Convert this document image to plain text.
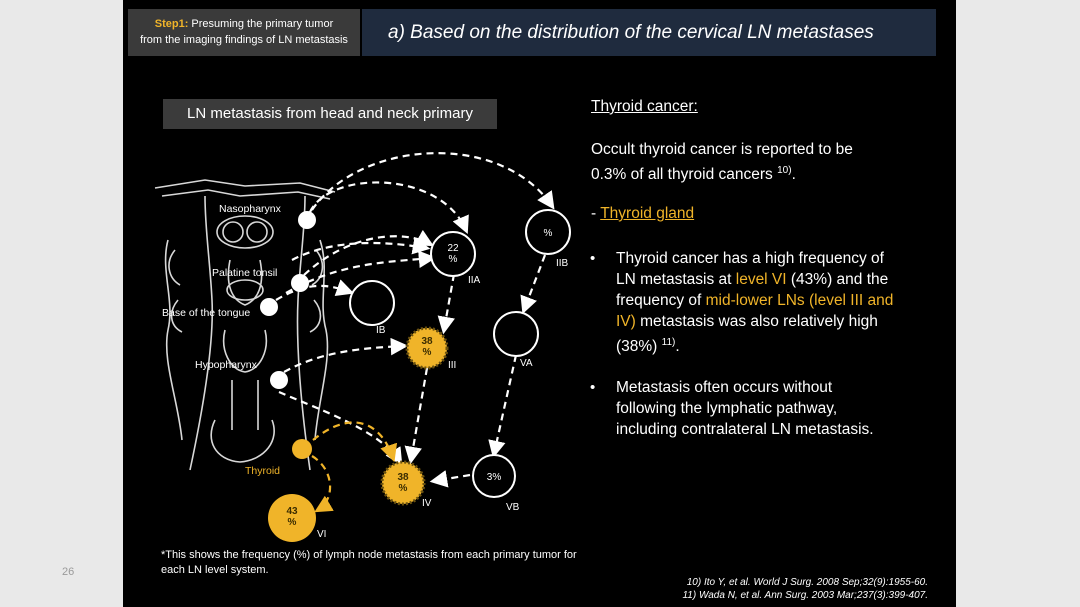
26
Step1: Presuming the primary tumor
from the imaging findings of LN metastasis	a) Based on the distribution of the cervical LN metastases
LN metastasis from head and neck primary
Nasopharynx
Palatine tonsil
Base of the tongue
Hypopharynx
Thyroid
22 %
IIA
%
IIB
IB
38 %
III	VA
38 %
IV
3%
VB
43 %
VI
*This shows the frequency (%) of lymph node metastasis from each primary tumor for each LN level system.
Thyroid cancer:
Occult thyroid cancer is reported to be
0.3% of all thyroid cancers $^{10)}$.
- Thyroid gland
• Thyroid cancer has a high frequency of
LN metastasis at level VI (43%) and the
frequency of mid-lower LNs (level III and
IV) metastasis was also relatively high
(38%) $^{11)}$.
• Metastasis often occurs without
following the lymphatic pathway,
including contralateral LN metastasis.
10) Ito Y, et al. World J Surg. 2008 Sep;32(9):1955-60.
11) Wada N, et al. Ann Surg. 2003 Mar;237(3):399-407.
